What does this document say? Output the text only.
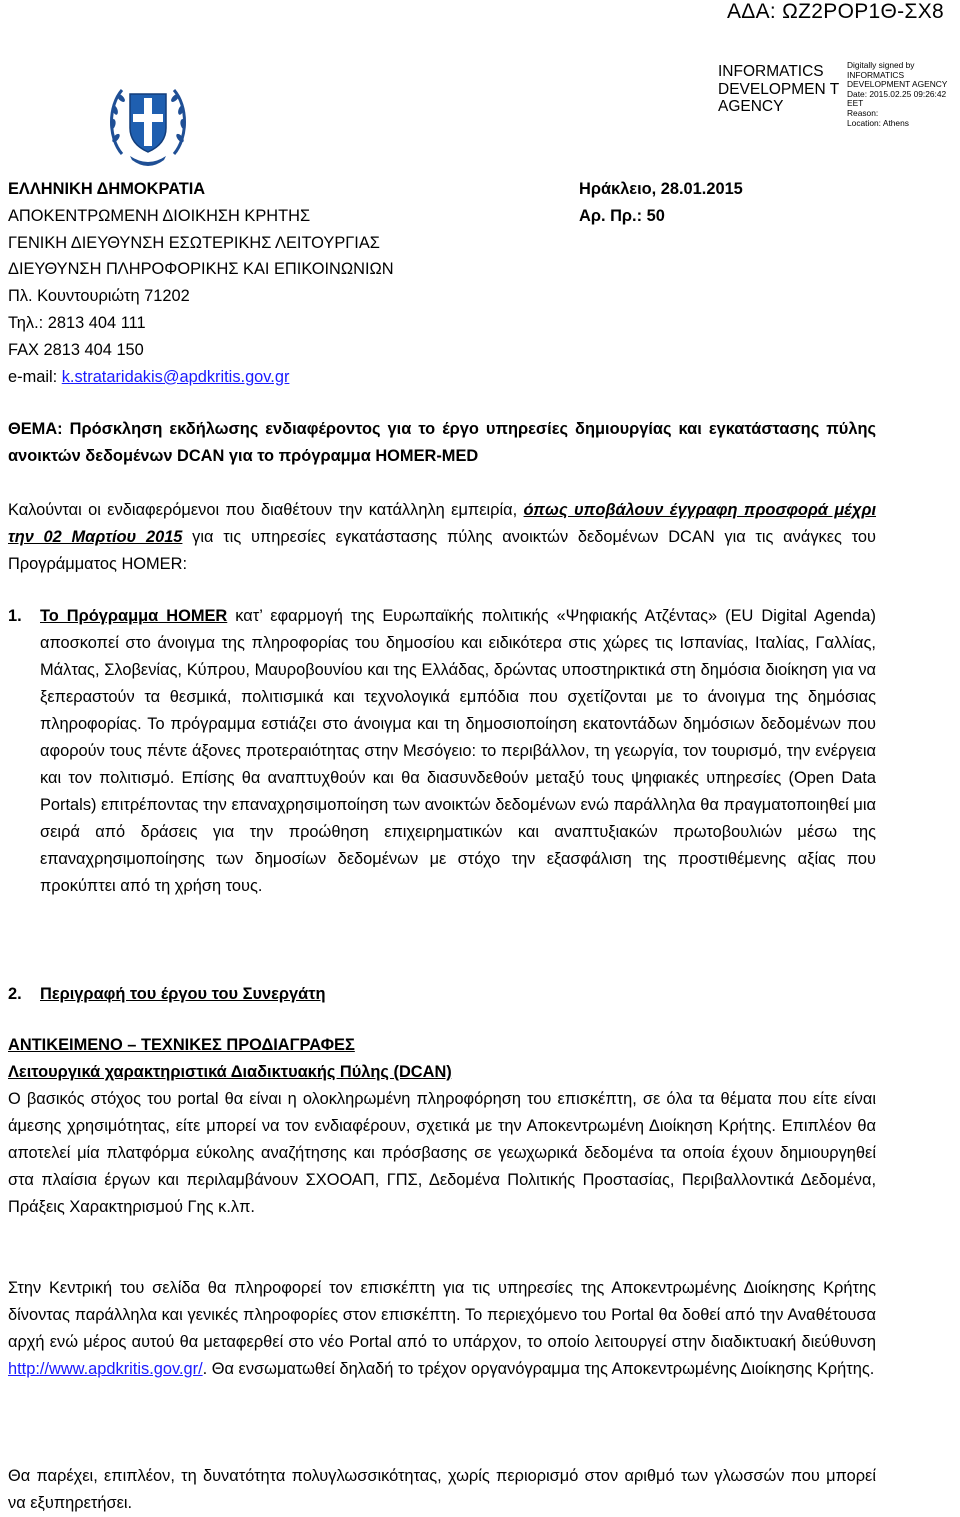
ΑΔΑ: ΩΖ2ΡΟΡ1Θ-ΣΧ8
INFORMATICS DEVELOPMEN T AGENCY
Digitally signed by
INFORMATICS
DEVELOPMENT AGENCY
Date: 2015.02.25 09:26:42
EET
Reason:
Location: Athens
ΕΛΛΗΝΙΚΗ ΔΗΜΟΚΡΑΤΙΑ
ΑΠΟΚΕΝΤΡΩΜΕΝΗ ΔΙΟΙΚΗΣΗ ΚΡΗΤΗΣ
ΓΕΝΙΚΗ ΔΙΕΥΘΥΝΣΗ ΕΣΩΤΕΡΙΚΗΣ ΛΕΙΤΟΥΡΓΙΑΣ
ΔΙΕΥΘΥΝΣΗ ΠΛΗΡΟΦΟΡΙΚΗΣ ΚΑΙ ΕΠΙΚΟΙΝΩΝΙΩΝ
Πλ. Κουντουριώτη 71202
Τηλ.: 2813 404 111
FAX 2813 404 150
e-mail: k.strataridakis@apdkritis.gov.gr
Ηράκλειο, 28.01.2015
Αρ. Πρ.: 50
ΘΕΜΑ: Πρόσκληση εκδήλωσης ενδιαφέροντος για το έργο υπηρεσίες δημιουργίας και εγκατάστασης πύλης ανοικτών δεδομένων DCAN για το πρόγραμμα HOMER-MED
Καλούνται οι ενδιαφερόμενοι που διαθέτουν την κατάλληλη εμπειρία, όπως υποβάλουν έγγραφη προσφορά μέχρι την 02 Μαρτίου 2015 για τις υπηρεσίες εγκατάστασης πύλης ανοικτών δεδομένων DCAN για τις ανάγκες του Προγράμματος HOMER:
1.	Το Πρόγραμμα HOMER κατ’ εφαρμογή της Ευρωπαϊκής πολιτικής «Ψηφιακής Ατζέντας» (EU Digital Agenda) αποσκοπεί στο άνοιγμα της πληροφορίας του δημοσίου και ειδικότερα στις χώρες τις Ισπανίας, Ιταλίας, Γαλλίας, Μάλτας, Σλοβενίας, Κύπρου, Μαυροβουνίου και της Ελλάδας, δρώντας υποστηρικτικά στη δημόσια διοίκηση για να ξεπεραστούν τα θεσμικά, πολιτισμικά και τεχνολογικά εμπόδια που σχετίζονται με το άνοιγμα της δημόσιας πληροφορίας. Το πρόγραμμα εστιάζει στο άνοιγμα και τη δημοσιοποίηση εκατοντάδων δημόσιων δεδομένων που αφορούν τους πέντε άξονες προτεραιότητας στην Μεσόγειο: το περιβάλλον, τη γεωργία, τον τουρισμό, την ενέργεια και τον πολιτισμό. Επίσης θα αναπτυχθούν και θα διασυνδεθούν μεταξύ τους ψηφιακές υπηρεσίες (Open Data Portals) επιτρέποντας την επαναχρησιμοποίηση των ανοικτών δεδομένων ενώ παράλληλα θα πραγματοποιηθεί μια σειρά από δράσεις για την προώθηση επιχειρηματικών και αναπτυξιακών πρωτοβουλιών μέσω της επαναχρησιμοποίησης των δημοσίων δεδομένων με στόχο την εξασφάλιση της προστιθέμενης αξίας που προκύπτει από τη χρήση τους.
2.	Περιγραφή του έργου του Συνεργάτη
ΑΝΤΙΚΕΙΜΕΝΟ – ΤΕΧΝΙΚΕΣ ΠΡΟΔΙΑΓΡΑΦΕΣ
Λειτουργικά χαρακτηριστικά Διαδικτυακής Πύλης (DCAN)
Ο βασικός στόχος του portal θα είναι η ολοκληρωμένη πληροφόρηση του επισκέπτη, σε όλα τα θέματα που είτε είναι άμεσης χρησιμότητας, είτε μπορεί να τον ενδιαφέρουν, σχετικά με την Αποκεντρωμένη Διοίκηση Κρήτης. Επιπλέον θα αποτελεί μία πλατφόρμα εύκολης αναζήτησης και πρόσβασης σε γεωχωρικά δεδομένα τα οποία έχουν δημιουργηθεί στα πλαίσια έργων και περιλαμβάνουν ΣΧΟΟΑΠ, ΓΠΣ, Δεδομένα Πολιτικής Προστασίας, Περιβαλλοντικά Δεδομένα, Πράξεις Χαρακτηρισμού Γης κ.λπ.
Στην Κεντρική του σελίδα θα πληροφορεί τον επισκέπτη για τις υπηρεσίες της Αποκεντρωμένης Διοίκησης Κρήτης δίνοντας παράλληλα και γενικές πληροφορίες στον επισκέπτη. Το περιεχόμενο του Portal θα δοθεί από την Αναθέτουσα αρχή ενώ μέρος αυτού θα μεταφερθεί στο νέο Portal από το υπάρχον, το οποίο λειτουργεί στην διαδικτυακή διεύθυνση http://www.apdkritis.gov.gr/. Θα ενσωματωθεί δηλαδή το τρέχον οργανόγραμμα της Αποκεντρωμένης Διοίκησης Κρήτης.
Θα παρέχει, επιπλέον, τη δυνατότητα πολυγλωσσικότητας, χωρίς περιορισμό στον αριθμό των γλωσσών που μπορεί να εξυπηρετήσει.
